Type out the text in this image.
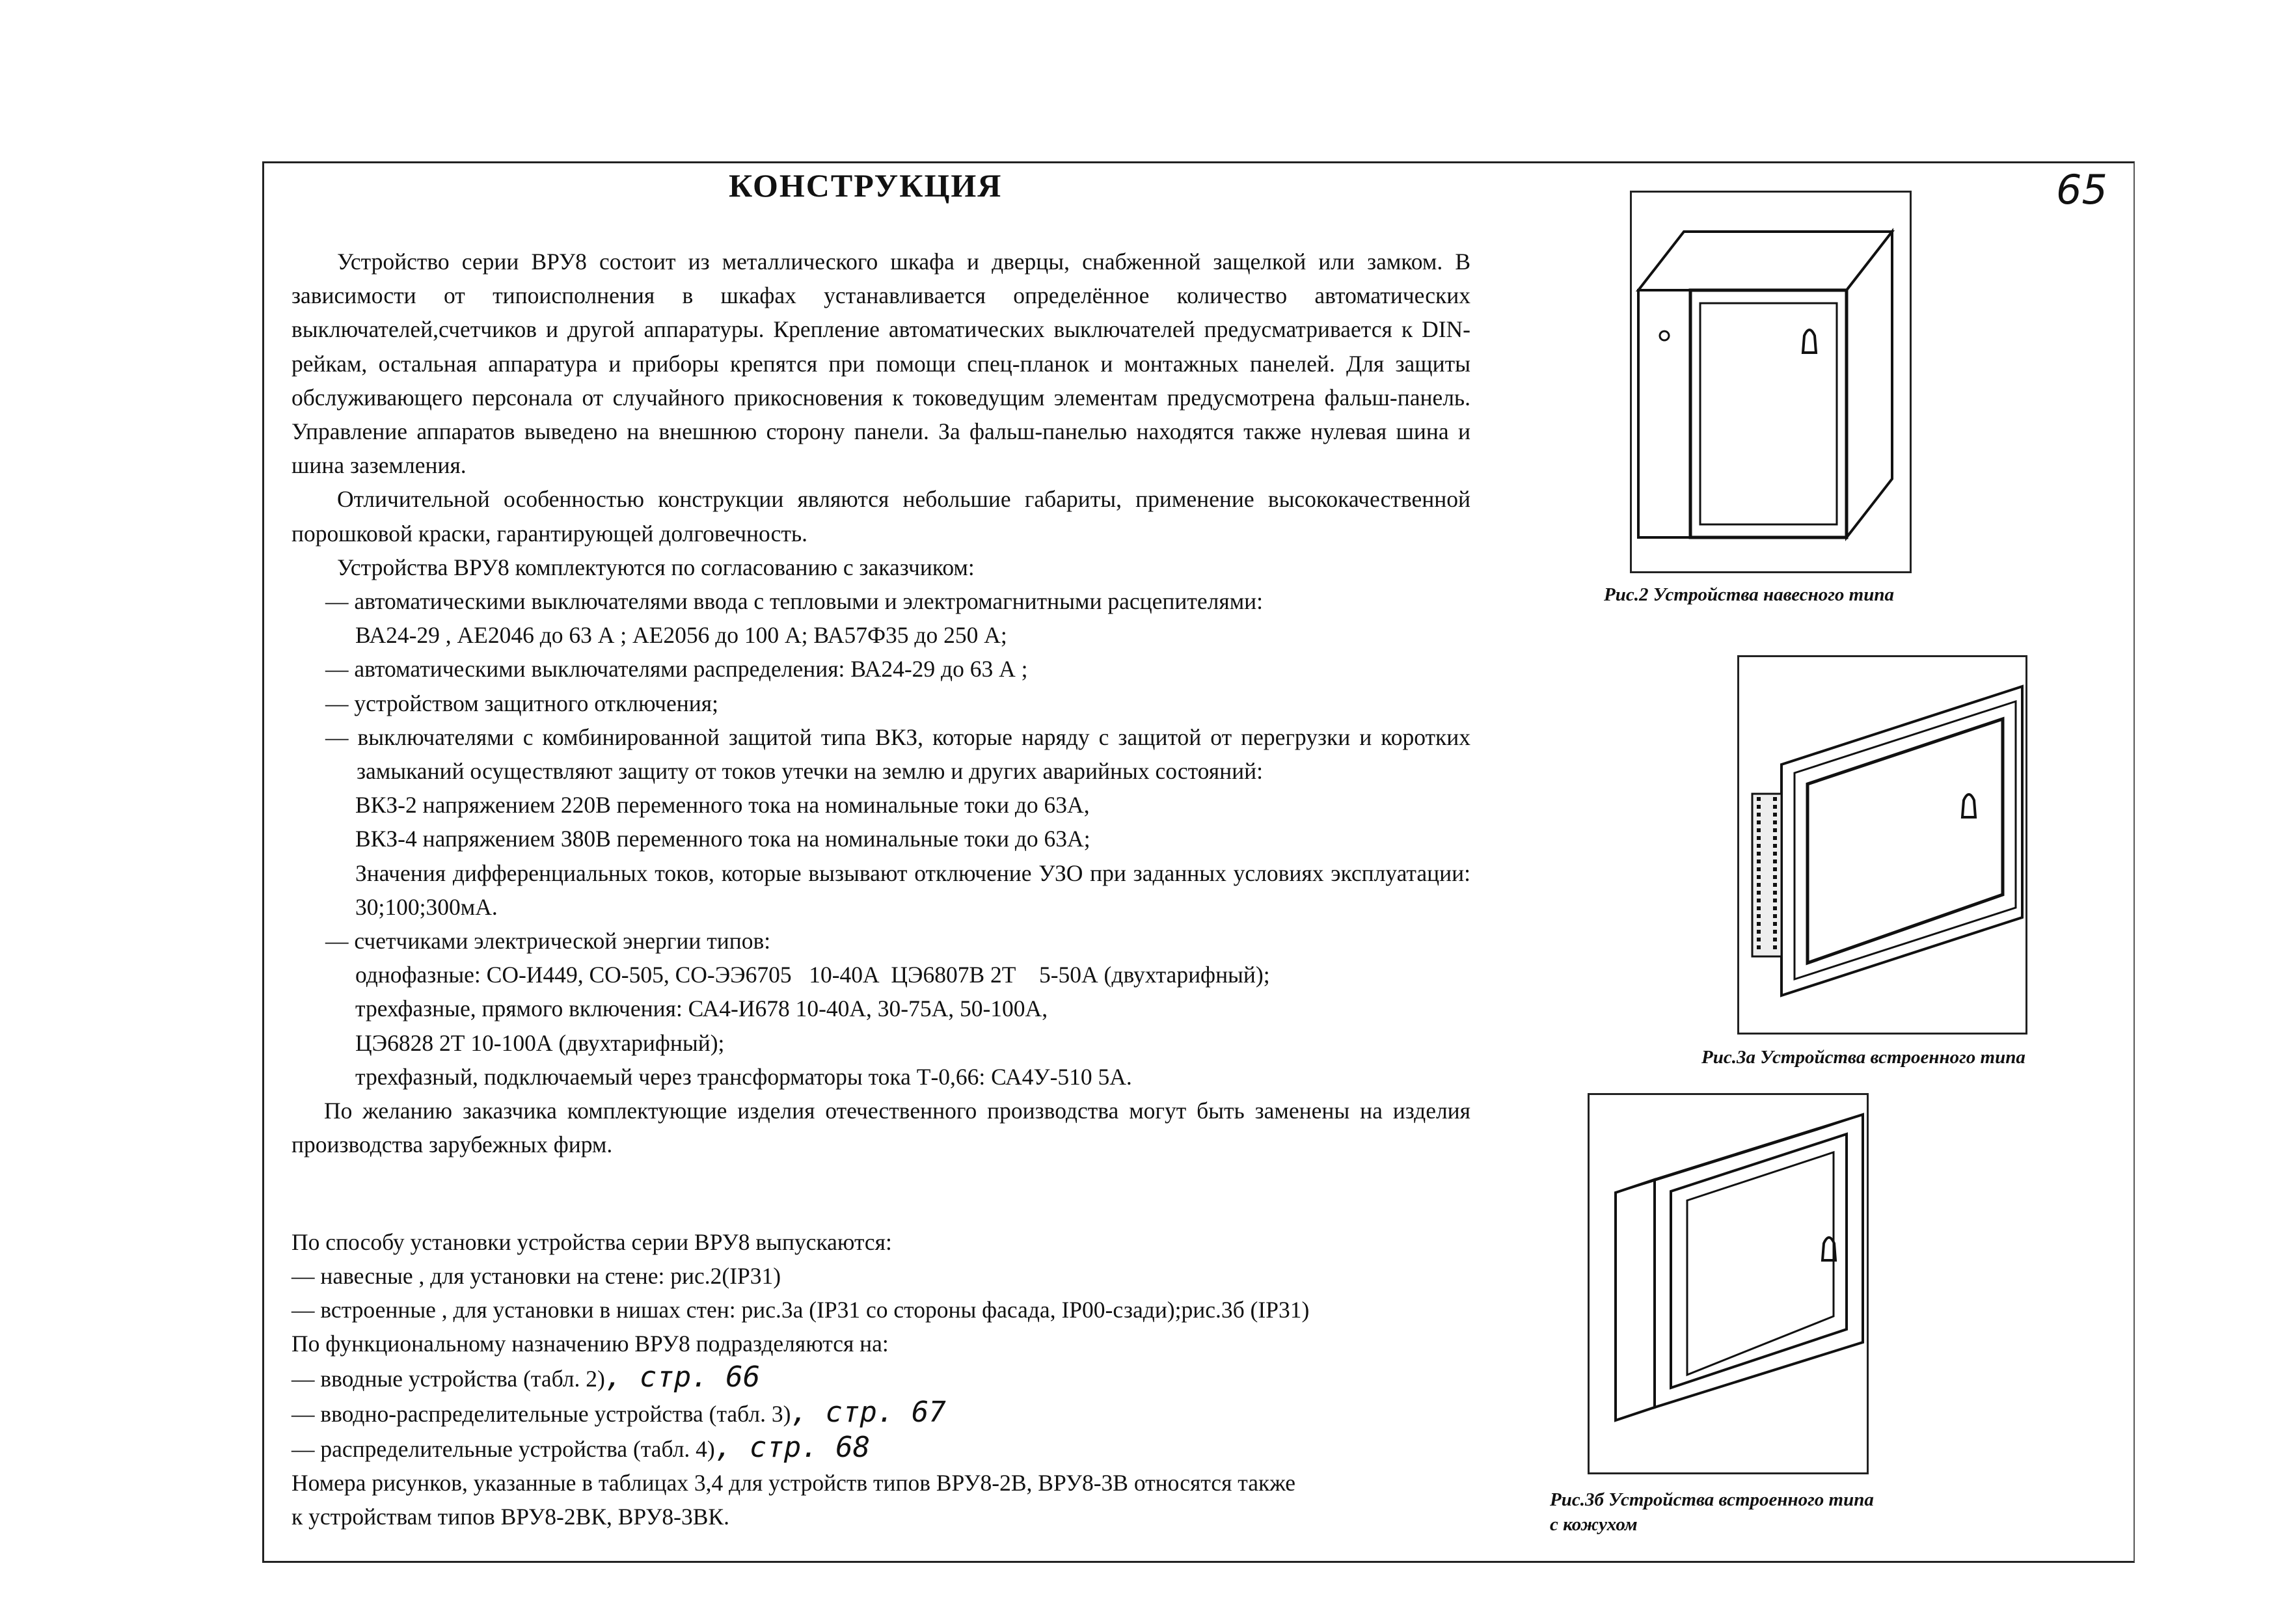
КОНСТРУКЦИЯ	65

Устройство серии ВРУ8 состоит из металлического шкафа и дверцы, снабженной защелкой или замком. В зависимости от типоисполнения в шкафах устанавливается определённое количество автоматических выключателей,счетчиков и другой аппаратуры. Крепление автоматических выключателей предусматривается к DIN-рейкам, остальная аппаратура и приборы крепятся при помощи спец-планок и монтажных панелей. Для защиты обслуживающего персонала от случайного прикосновения к токоведущим элементам предусмотрена фальш-панель. Управление аппаратов выведено на внешнюю сторону панели. За фальш-панелью находятся также нулевая шина и шина заземления.

Отличительной особенностью конструкции являются небольшие габариты, применение высококачественной порошковой краски, гарантирующей долговечность.

Устройства ВРУ8 комплектуются по согласованию с заказчиком:

— автоматическими выключателями ввода с тепловыми и электромагнитными расцепителями:

ВА24-29 , АЕ2046 до 63 А ; АЕ2056 до 100 А; ВА57Ф35 до 250 А;

— автоматическими выключателями распределения: ВА24-29 до 63 А ;

— устройством защитного отключения;

— выключателями с комбинированной защитой типа ВКЗ, которые наряду с защитой от перегрузки и коротких замыканий осуществляют защиту от токов утечки на землю и других аварийных состояний:

ВКЗ-2 напряжением 220В переменного тока на номинальные токи до 63А,

ВКЗ-4 напряжением 380В переменного тока на номинальные токи до 63А;

Значения дифференциальных токов, которые вызывают отключение УЗО при заданных условиях эксплуатации: 30;100;300мА.

— счетчиками электрической энергии типов:

однофазные: СО-И449, СО-505, СО-ЭЭ6705   10-40А  ЦЭ6807В 2Т    5-50А (двухтарифный);

трехфазные, прямого включения: СА4-И678 10-40А, 30-75А, 50-100А,

ЦЭ6828 2Т 10-100А (двухтарифный);

трехфазный, подключаемый через трансформаторы тока Т-0,66: СА4У-510 5А.

По желанию заказчика комплектующие изделия отечественного производства могут быть заменены на изделия производства зарубежных фирм.

По способу установки устройства серии ВРУ8 выпускаются:

— навесные , для установки на стене: рис.2(IP31)

— встроенные , для установки в нишах стен: рис.3а (IP31 со стороны фасада, IP00-сзади);рис.3б (IP31)

По функциональному назначению ВРУ8 подразделяются на:

— вводные устройства (табл. 2), стр. 66

— вводно-распределительные устройства (табл. 3), стр. 67

— распределительные устройства (табл. 4), стр. 68

Номера рисунков, указанные в таблицах 3,4 для устройств типов ВРУ8-2В, ВРУ8-3В относятся также

к устройствам типов ВРУ8-2ВК, ВРУ8-3ВК.

Рис.2 Устройства навесного типа
Рис.3а Устройства встроенного типа
Рис.3б Устройства встроенного типа
с кожухом
